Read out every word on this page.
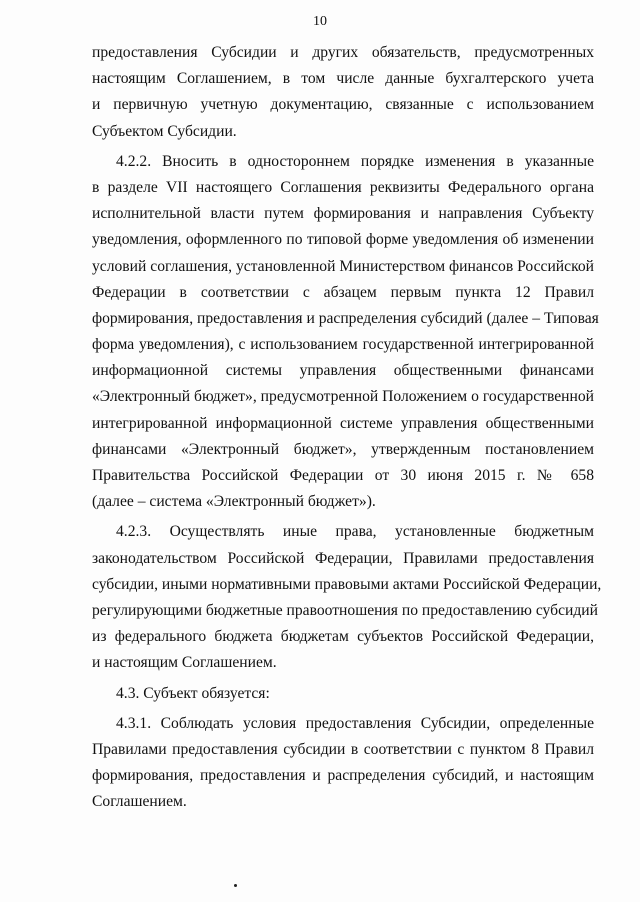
10
предоставления Субсидии и других обязательств, предусмотренных
настоящим Соглашением, в том числе данные бухгалтерского учета
и первичную учетную документацию, связанные с использованием
Субъектом Субсидии.
4.2.2. Вносить в одностороннем порядке изменения в указанные
в разделе VII настоящего Соглашения реквизиты Федерального органа
исполнительной власти путем формирования и направления Субъекту
уведомления, оформленного по типовой форме уведомления об изменении
условий соглашения, установленной Министерством финансов Российской
Федерации в соответствии с абзацем первым пункта 12 Правил
формирования, предоставления и распределения субсидий (далее – Типовая
форма уведомления), с использованием государственной интегрированной
информационной системы управления общественными финансами
«Электронный бюджет», предусмотренной Положением о государственной
интегрированной информационной системе управления общественными
финансами «Электронный бюджет», утвержденным постановлением
Правительства Российской Федерации от 30 июня 2015 г. № 658
(далее – система «Электронный бюджет»).
4.2.3. Осуществлять иные права, установленные бюджетным
законодательством Российской Федерации, Правилами предоставления
субсидии, иными нормативными правовыми актами Российской Федерации,
регулирующими бюджетные правоотношения по предоставлению субсидий
из федерального бюджета бюджетам субъектов Российской Федерации,
и настоящим Соглашением.
4.3. Субъект обязуется:
4.3.1. Соблюдать условия предоставления Субсидии, определенные
Правилами предоставления субсидии в соответствии с пунктом 8 Правил
формирования, предоставления и распределения субсидий, и настоящим
Соглашением.
